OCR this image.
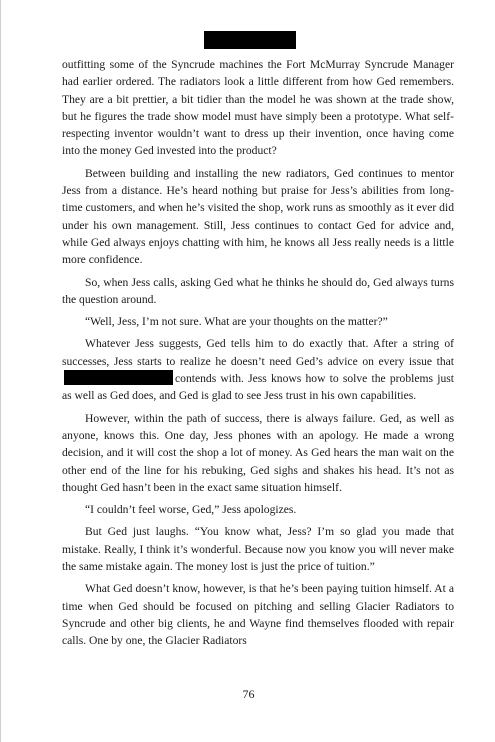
outfitting some of the Syncrude machines the Fort McMurray Syncrude Manager had earlier ordered. The radiators look a little different from how Ged remembers. They are a bit prettier, a bit tidier than the model he was shown at the trade show, but he figures the trade show model must have simply been a prototype. What self-respecting inventor wouldn’t want to dress up their invention, once having come into the money Ged invested into the product?

Between building and installing the new radiators, Ged continues to mentor Jess from a distance. He’s heard nothing but praise for Jess’s abilities from long-time customers, and when he’s visited the shop, work runs as smoothly as it ever did under his own management. Still, Jess continues to contact Ged for advice and, while Ged always enjoys chatting with him, he knows all Jess really needs is a little more confidence.

So, when Jess calls, asking Ged what he thinks he should do, Ged always turns the question around.

“Well, Jess, I’m not sure. What are your thoughts on the matter?”

Whatever Jess suggests, Ged tells him to do exactly that. After a string of successes, Jess starts to realize he doesn’t need Ged’s advice on every issue thatcontends with. Jess knows how to solve the problems just as well as Ged does, and Ged is glad to see Jess trust in his own capabilities.

However, within the path of success, there is always failure. Ged, as well as anyone, knows this. One day, Jess phones with an apology. He made a wrong decision, and it will cost the shop a lot of money. As Ged hears the man wait on the other end of the line for his rebuking, Ged sighs and shakes his head. It’s not as thought Ged hasn’t been in the exact same situation himself.

“I couldn’t feel worse, Ged,” Jess apologizes.

But Ged just laughs. “You know what, Jess? I’m so glad you made that mistake. Really, I think it’s wonderful. Because now you know you will never make the same mistake again. The money lost is just the price of tuition.”

What Ged doesn’t know, however, is that he’s been paying tuition himself. At a time when Ged should be focused on pitching and selling Glacier Radiators to Syncrude and other big clients, he and Wayne find themselves flooded with repair calls. One by one, the Glacier Radiators

76
